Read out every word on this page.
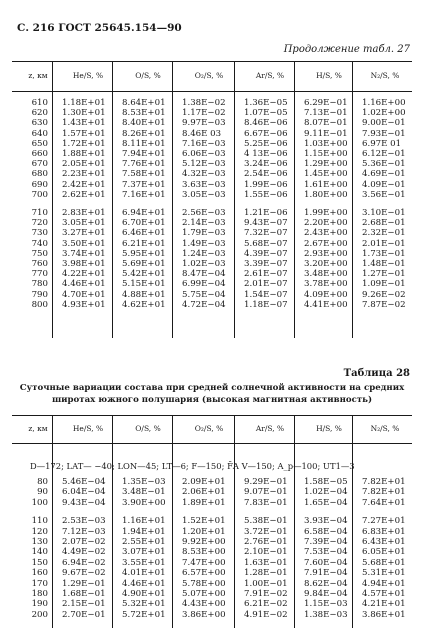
С. 216 ГОСТ 25645.154—90
Продолжение табл. 27
z, км	He/S, %	O/S, %	O₂/S, %	Ar/S, %	H/S, %	N₂/S, %
610 1.18E+01 8.64E+01 1.38E−02 1.36E−05 6.29E−01 1.16E+00
620 1.30E+01 8.53E+01 1.17E−02 1.07E−05 7.13E−01 1.02E+00
630 1.43E+01 8.40E+01 9.97E−03 8.46E−06 8.07E−01 9.00E−01
640 1.57E+01 8.26E+01 8.46E 03	6.67E−06 9.11E−01 7.93E−01
650 1.72E+01 8.11E+01 7.16E−03 5.25E−06 1.03E+00 6.97E 01
660 1.88E+01 7.94E+01 6.06E−03 4 13E−06 1.15E+00 6.12E−01
670 2.05E+01 7.76E+01 5.12E−03 3.24E−06 1.29E+00 5.36E−01
680 2.23E+01 7.58E+01 4.32E−03 2.54E−06 1.45E+00 4.69E−01
690 2.42E+01 7.37E+01 3.63E−03 1.99E−06 1.61E+00 4.09E−01
700 2.62E+01 7.16E+01 3.05E−03 1.55E−06 1.80E+00 3.56E−01
710 2.83E+01 6.94E+01 2.56E−03 1.21E−06 1.99E+00 3.10E−01
720 3.05E+01 6.70E+01 2.14E−03 9.43E−07 2.20E+00 2.68E−01
730 3.27E+01 6.46E+01 1.79E−03 7.32E−07 2.43E+00 2.32E−01
740 3.50E+01 6.21E+01 1.49E−03 5.68E−07 2.67E+00 2.01E−01
750 3.74E+01 5.95E+01 1.24E−03 4.39E−07 2.93E+00 1.73E−01
760 3.98E+01 5.69E+01 1.02E−03 3.39E−07 3.20E+00 1.48E−01
770 4.22E+01 5.42E+01 8.47E−04 2.61E−07 3.48E+00 1.27E−01
780 4.46E+01 5.15E+01 6.99E−04 2.01E−07 3.78E+00 1.09E−01
790 4.70E+01 4.88E+01 5.75E−04 1.54E−07 4.09E+00 9.26E−02
800 4.93E+01 4.62E+01 4.72E−04 1.18E−07 4.41E+00 7.87E−02
Таблица 28
Суточные вариации состава при средней солнечной активности на средних
широтах южного полушария (высокая магнитная активность)
z, км	He/S, %	O/S, %	O₂/S, %	Ar/S, %	H/S, %	N₂/S, %
80 5.46E−04 1.35E−03 2.09E+01 9.29E−01 1.58E−05 7.82E+01
90 6.04E−04 3.48E−01 2.06E+01 9.07E−01 1.02E−04 7.82E+01
100 9.43E−04 3.90E+00 1.89E+01 7.83E−01 1.65E−04 7.64E+01
110 2.53E−03 1.16E+01 1.52E+01 5.38E−01 3.93E−04 7.27E+01
120 7.12E−03 1.94E+01 1.20E+01 3.72E−01 6.58E−04 6.83E+01
130 2.07E−02 2.55E+01 9.92E+00 2.76E−01 7.39E−04 6.43E+01
140 4.49E−02 3.07E+01 8.53E+00 2.10E−01 7.53E−04 6.05E+01
150 6.94E−02 3.55E+01 7.47E+00 1.63E−01 7.60E−04 5.68E+01
160 9.67E−02 4.01E+01 6.57E+00 1.28E−01 7.91E−04 5.31E+01
170 1.29E−01 4.46E+01 5.78E+00 1.00E−01 8.62E−04 4.94E+01
180 1.68E−01 4.90E+01 5.07E+00 7.91E−02 9.84E−04 4.57E+01
190 2.15E−01 5.32E+01 4.43E+00 6.21E−02 1.15E−03 4.21E+01
200 2.70E−01 5.72E+01 3.86E+00 4.91E−02 1.38E−03 3.86E+01
D—172; LAT— −40; LON—45; LT—6; F—150; F̄A V—150; A_p—100; UT1—3
